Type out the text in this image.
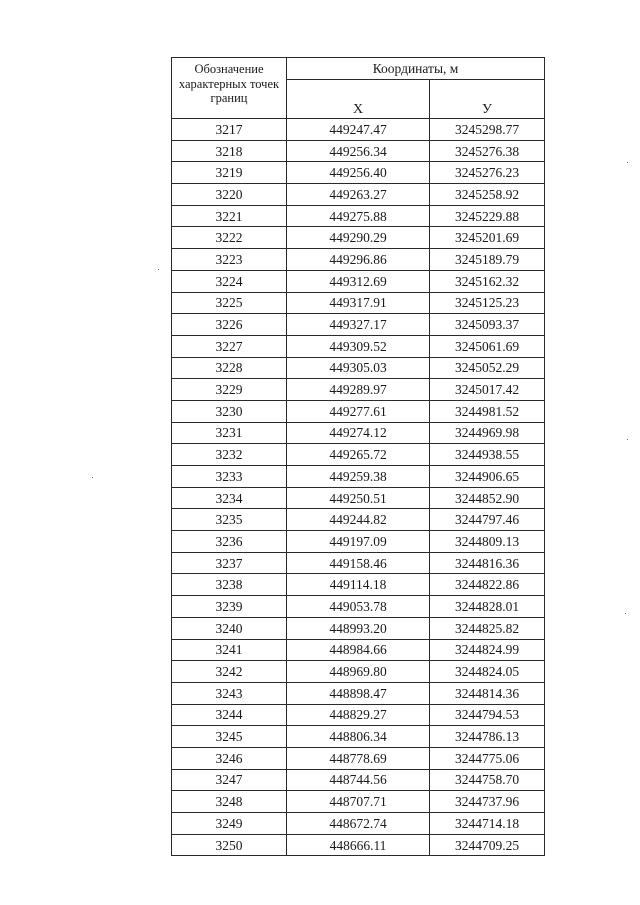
Обозначение характерных точек границ	Координаты, м	
	Х	У
3217	449247.47	3245298.77
3218	449256.34	3245276.38
3219	449256.40	3245276.23
3220	449263.27	3245258.92
3221	449275.88	3245229.88
3222	449290.29	3245201.69
3223	449296.86	3245189.79
3224	449312.69	3245162.32
3225	449317.91	3245125.23
3226	449327.17	3245093.37
3227	449309.52	3245061.69
3228	449305.03	3245052.29
3229	449289.97	3245017.42
3230	449277.61	3244981.52
3231	449274.12	3244969.98
3232	449265.72	3244938.55
3233	449259.38	3244906.65
3234	449250.51	3244852.90
3235	449244.82	3244797.46
3236	449197.09	3244809.13
3237	449158.46	3244816.36
3238	449114.18	3244822.86
3239	449053.78	3244828.01
3240	448993.20	3244825.82
3241	448984.66	3244824.99
3242	448969.80	3244824.05
3243	448898.47	3244814.36
3244	448829.27	3244794.53
3245	448806.34	3244786.13
3246	448778.69	3244775.06
3247	448744.56	3244758.70
3248	448707.71	3244737.96
3249	448672.74	3244714.18
3250	448666.11	3244709.25
